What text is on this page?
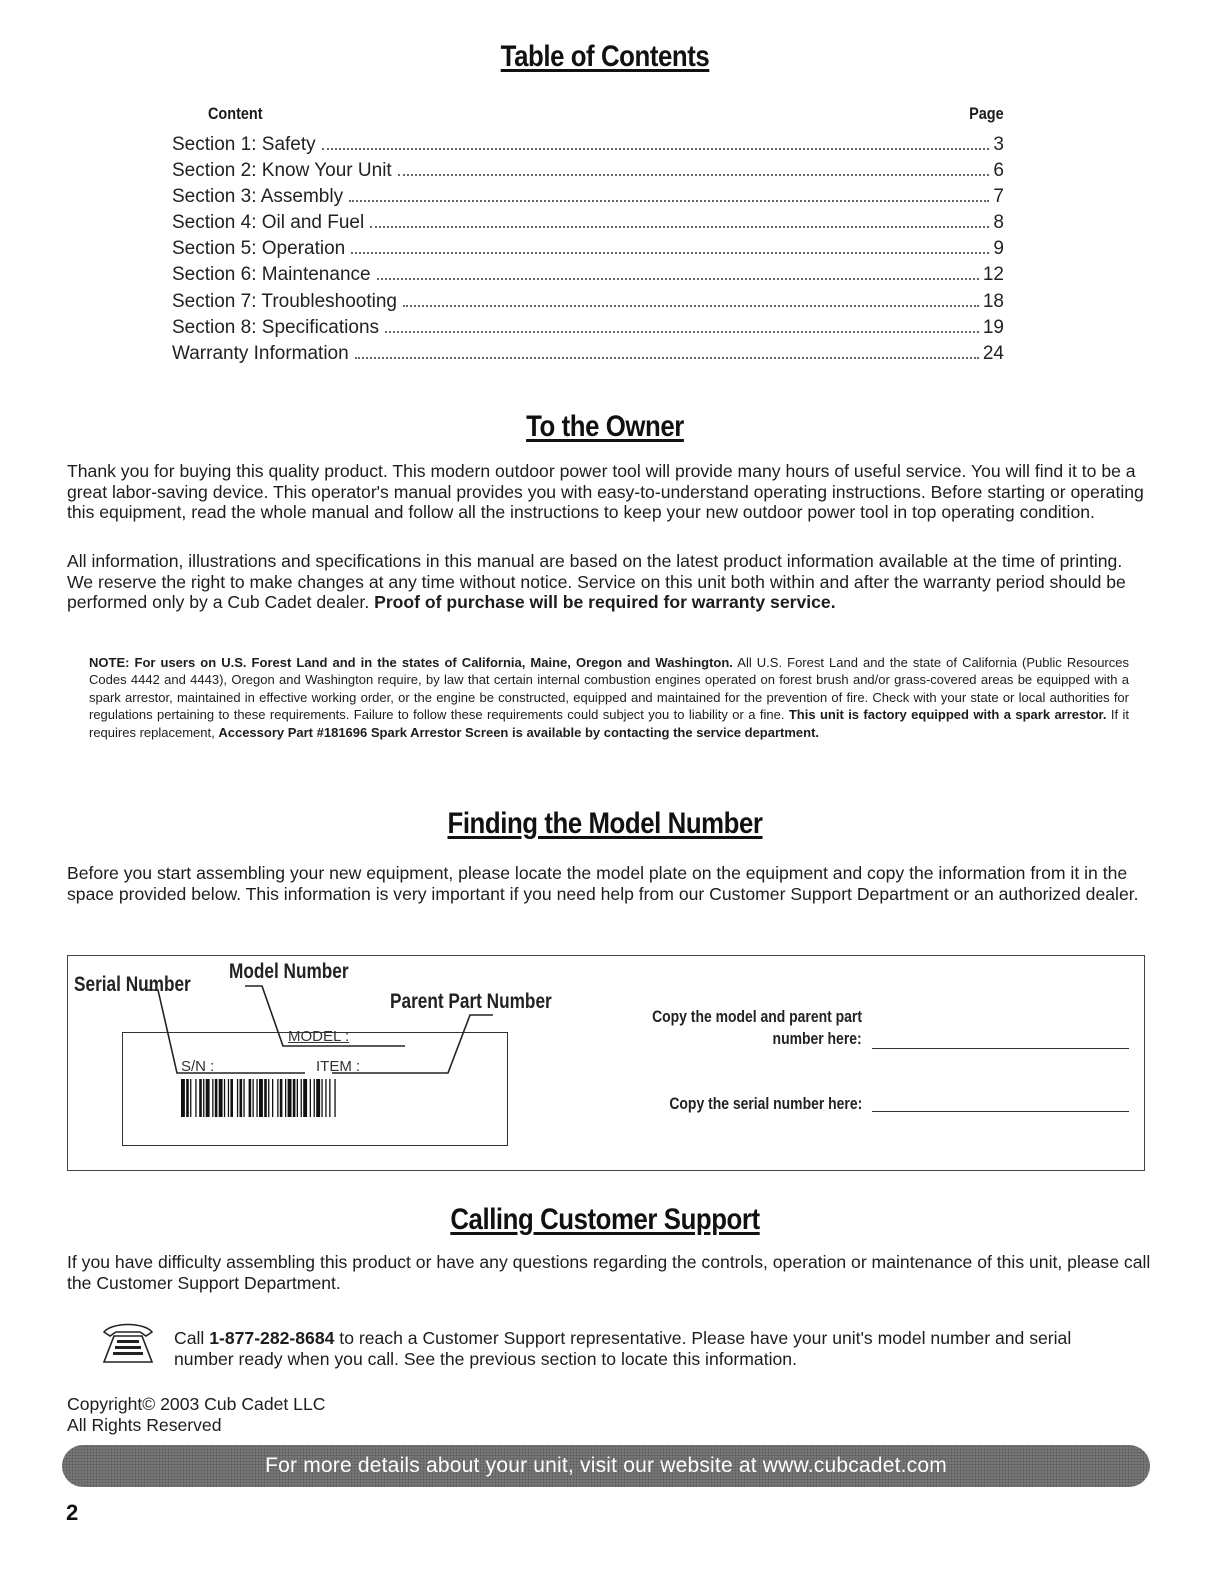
Table of Contents
Content	Page
Section 1: Safety	3
Section 2: Know Your Unit	6
Section 3: Assembly	7
Section 4: Oil and Fuel	8
Section 5: Operation	9
Section 6: Maintenance	12
Section 7: Troubleshooting	18
Section 8: Specifications	19
Warranty Information	24
To the Owner
Thank you for buying this quality product. This modern outdoor power tool will provide many hours of useful service. You will find it to be a great labor-saving device. This operator's manual provides you with easy-to-understand operating instructions. Before starting or operating this equipment, read the whole manual and follow all the instructions to keep your new outdoor power tool in top operating condition.
All information, illustrations and specifications in this manual are based on the latest product information available at the time of printing. We reserve the right to make changes at any time without notice. Service on this unit both within and after the warranty period should be performed only by a Cub Cadet dealer. Proof of purchase will be required for warranty service.
NOTE: For users on U.S. Forest Land and in the states of California, Maine, Oregon and Washington. All U.S. Forest Land and the state of California (Public Resources Codes 4442 and 4443), Oregon and Washington require, by law that certain internal combustion engines operated on forest brush and/or grass-covered areas be equipped with a spark arrestor, maintained in effective working order, or the engine be constructed, equipped and maintained for the prevention of fire. Check with your state or local authorities for regulations pertaining to these requirements. Failure to follow these requirements could subject you to liability or a fine. This unit is factory equipped with a spark arrestor. If it requires replacement, Accessory Part #181696 Spark Arrestor Screen is available by contacting the service department.
Finding the Model Number
Before you start assembling your new equipment, please locate the model plate on the equipment and copy the information from it in the space provided below. This information is very important if you need help from our Customer Support Department or an authorized dealer.
Serial Number
Model Number
Parent Part Number
MODEL :
S/N :	ITEM :
Copy the model and parent part
number here:
Copy the serial number here:
Calling Customer Support
If you have difficulty assembling this product or have any questions regarding the controls, operation or maintenance of this unit, please call the Customer Support Department.
Call 1-877-282-8684 to reach a Customer Support representative. Please have your unit's model number and serial number ready when you call. See the previous section to locate this information.
Copyright© 2003 Cub Cadet LLC
All Rights Reserved
For more details about your unit, visit our website at www.cubcadet.com
2
